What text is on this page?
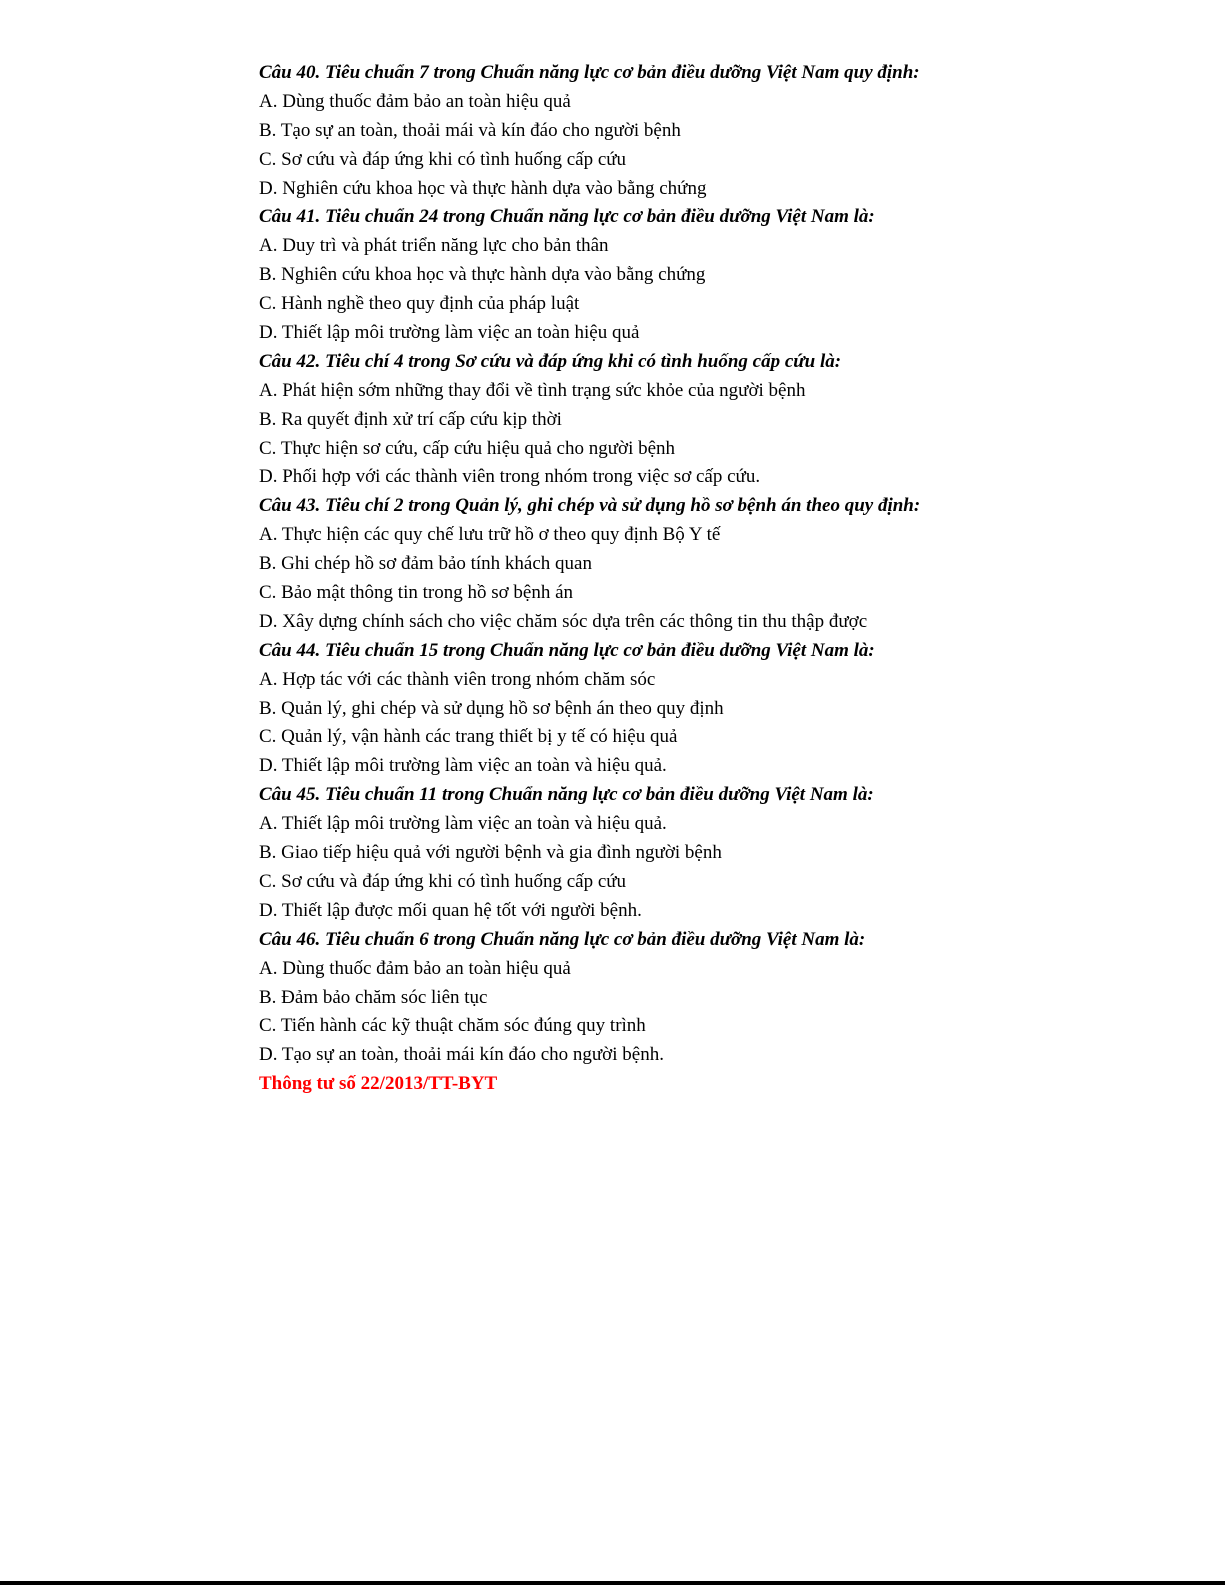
Câu 40. Tiêu chuẩn 7 trong Chuẩn năng lực cơ bản điều dưỡng Việt Nam quy định:
A. Dùng thuốc đảm bảo an toàn hiệu quả
B. Tạo sự an toàn, thoải mái và kín đáo cho người bệnh
C. Sơ cứu và đáp ứng khi có tình huống cấp cứu
D. Nghiên cứu khoa học và thực hành dựa vào bằng chứng
Câu 41. Tiêu chuẩn 24 trong Chuẩn năng lực cơ bản điều dưỡng Việt Nam là:
A. Duy trì và phát triển năng lực cho bản thân
B. Nghiên cứu khoa học và thực hành dựa vào bằng chứng
C. Hành nghề theo quy định của pháp luật
D. Thiết lập môi trường làm việc an toàn hiệu quả
Câu 42. Tiêu chí 4 trong Sơ cứu và đáp ứng khi có tình huống cấp cứu là:
A. Phát hiện sớm những thay đổi về tình trạng sức khỏe của người bệnh
B. Ra quyết định xử trí cấp cứu kịp thời
C. Thực hiện sơ cứu, cấp cứu hiệu quả cho người bệnh
D. Phối hợp với các thành viên trong nhóm trong việc sơ cấp cứu.
Câu 43. Tiêu chí 2 trong Quản lý, ghi chép và sử dụng hồ sơ bệnh án theo quy định:
A. Thực hiện các quy chế lưu trữ hồ ơ theo quy định Bộ Y tế
B. Ghi chép hồ sơ đảm bảo tính khách quan
C. Bảo mật thông tin trong hồ sơ bệnh án
D. Xây dựng chính sách cho việc chăm sóc dựa trên các thông tin thu thập được
Câu 44. Tiêu chuẩn 15 trong Chuẩn năng lực cơ bản điều dưỡng Việt Nam là:
A. Hợp tác với các thành viên trong nhóm chăm sóc
B. Quản lý, ghi chép và sử dụng hồ sơ bệnh án theo quy định
C. Quản lý, vận hành các trang thiết bị y tế có hiệu quả
D. Thiết lập môi trường làm việc an toàn và hiệu quả.
Câu 45. Tiêu chuẩn 11 trong Chuẩn năng lực cơ bản điều dưỡng Việt Nam là:
A. Thiết lập môi trường làm việc an toàn và hiệu quả.
B. Giao tiếp hiệu quả với người bệnh và gia đình người bệnh
C. Sơ cứu và đáp ứng khi có tình huống cấp cứu
D. Thiết lập được mối quan hệ tốt với người bệnh.
Câu 46. Tiêu chuẩn 6 trong Chuẩn năng lực cơ bản điều dưỡng Việt Nam là:
A. Dùng thuốc đảm bảo an toàn hiệu quả
B. Đảm bảo chăm sóc liên tục
C. Tiến hành các kỹ thuật chăm sóc đúng quy trình
D. Tạo sự an toàn, thoải mái kín đáo cho người bệnh.
Thông tư số 22/2013/TT-BYT
